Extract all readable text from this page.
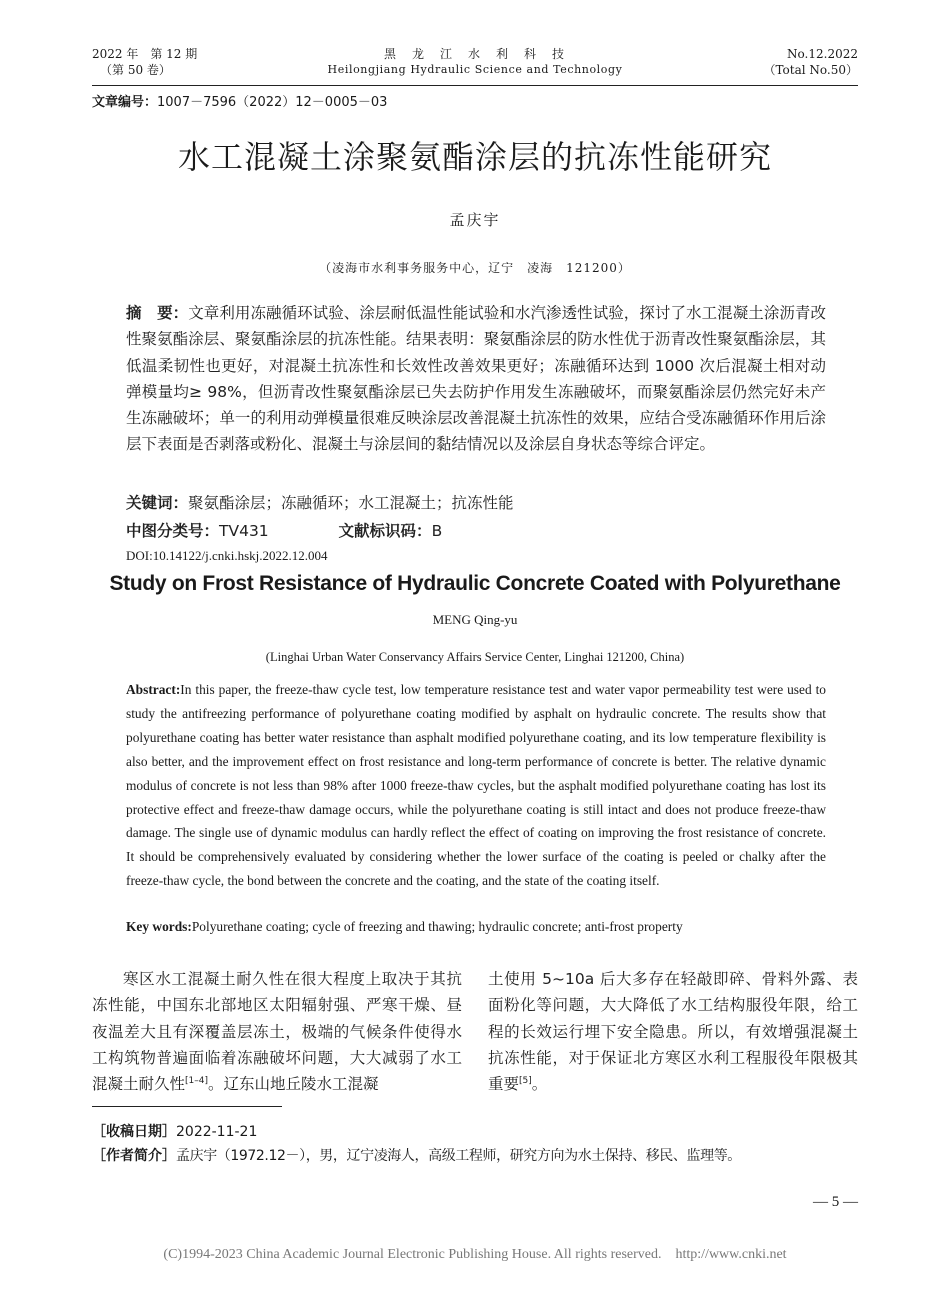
2022 年　第 12 期
（第 50 卷）
黑　龙　江　水　利　科　技
Heilongjiang Hydraulic Science and Technology
No.12.2022
（Total No.50）
文章编号：1007－7596（2022）12－0005－03
水工混凝土涂聚氨酯涂层的抗冻性能研究
孟庆宇
（凌海市水利事务服务中心，辽宁　凌海　121200）
摘　要：文章利用冻融循环试验、涂层耐低温性能试验和水汽渗透性试验，探讨了水工混凝土涂沥青改性聚氨酯涂层、聚氨酯涂层的抗冻性能。结果表明：聚氨酯涂层的防水性优于沥青改性聚氨酯涂层，其低温柔韧性也更好，对混凝土抗冻性和长效性改善效果更好；冻融循环达到 1000 次后混凝土相对动弹模量均≥ 98%，但沥青改性聚氨酯涂层已失去防护作用发生冻融破坏，而聚氨酯涂层仍然完好未产生冻融破坏；单一的利用动弹模量很难反映涂层改善混凝土抗冻性的效果，应结合受冻融循环作用后涂层下表面是否剥落或粉化、混凝土与涂层间的黏结情况以及涂层自身状态等综合评定。
关键词：聚氨酯涂层；冻融循环；水工混凝土；抗冻性能
中图分类号：TV431	文献标识码：B
DOI:10.14122/j.cnki.hskj.2022.12.004
Study on Frost Resistance of Hydraulic Concrete Coated with Polyurethane
MENG Qing-yu
(Linghai Urban Water Conservancy Affairs Service Center, Linghai 121200, China)
Abstract:In this paper, the freeze-thaw cycle test, low temperature resistance test and water vapor permeability test were used to study the antifreezing performance of polyurethane coating modified by asphalt on hydraulic concrete. The results show that polyurethane coating has better water resistance than asphalt modified polyurethane coating, and its low temperature flexibility is also better, and the improvement effect on frost resistance and long-term performance of concrete is better. The relative dynamic modulus of concrete is not less than 98% after 1000 freeze-thaw cycles, but the asphalt modified polyurethane coating has lost its protective effect and freeze-thaw damage occurs, while the polyurethane coating is still intact and does not produce freeze-thaw damage. The single use of dynamic modulus can hardly reflect the effect of coating on improving the frost resistance of concrete. It should be comprehensively evaluated by considering whether the lower surface of the coating is peeled or chalky after the freeze-thaw cycle, the bond between the concrete and the coating, and the state of the coating itself.
Key words:Polyurethane coating; cycle of freezing and thawing; hydraulic concrete; anti-frost property
寒区水工混凝土耐久性在很大程度上取决于其抗冻性能，中国东北部地区太阳辐射强、严寒干燥、昼夜温差大且有深覆盖层冻土，极端的气候条件使得水工构筑物普遍面临着冻融破坏问题，大大减弱了水工混凝土耐久性[1–4]。辽东山地丘陵水工混凝
土使用 5~10a 后大多存在轻敲即碎、骨料外露、表面粉化等问题，大大降低了水工结构服役年限，给工程的长效运行埋下安全隐患。所以，有效增强混凝土抗冻性能，对于保证北方寒区水利工程服役年限极其重要[5]。
［收稿日期］2022-11-21
［作者简介］孟庆宇（1972.12－），男，辽宁凌海人，高级工程师，研究方向为水土保持、移民、监理等。
— 5 —
(C)1994-2023 China Academic Journal Electronic Publishing House. All rights reserved.　http://www.cnki.net
